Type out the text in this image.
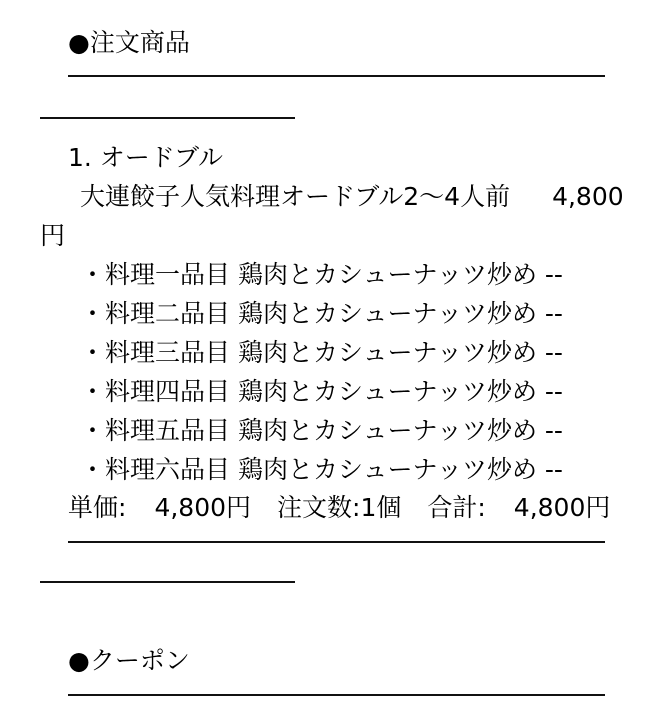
●注文商品
1. オードブル
大連餃子人気料理オードブル2〜4人前 4,800
円
・料理一品目 鶏肉とカシューナッツ炒め --
・料理二品目 鶏肉とカシューナッツ炒め --
・料理三品目 鶏肉とカシューナッツ炒め --
・料理四品目 鶏肉とカシューナッツ炒め --
・料理五品目 鶏肉とカシューナッツ炒め --
・料理六品目 鶏肉とカシューナッツ炒め --
単価: 4,800円 注文数:1個 合計: 4,800円
●クーポン
